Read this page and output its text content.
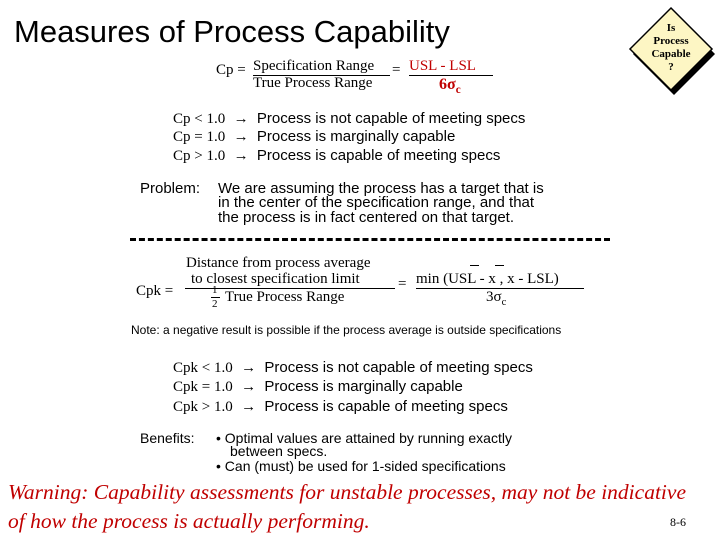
Measures of Process Capability	Is
Process
Capable
?
Cp = Specification Range
True Process Range
= USL - LSL
$6\sigma_c$
Cp < 1.0 → Process is not capable of meeting specs
Cp = 1.0 → Process is marginally capable
Cp > 1.0 → Process is capable of meeting specs
Problem: We are assuming the process has a target that is
in the center of the specification range, and that
the process is in fact centered on that target.
Cpk =
Distance from process average
to closest specification limit
1
2 True Process Range
= min (USL - x , x - LSL)
$3\sigma_c$
Note: a negative result is possible if the process average is outside specifications
Cpk < 1.0 → Process is not capable of meeting specs
Cpk = 1.0 → Process is marginally capable
Cpk > 1.0 → Process is capable of meeting specs
Benefits: • Optimal values are attained by running exactly
between specs.
• Can (must) be used for 1-sided specifications
Warning: Capability assessments for unstable processes, may not be indicative of how the process is actually performing.	8-6
